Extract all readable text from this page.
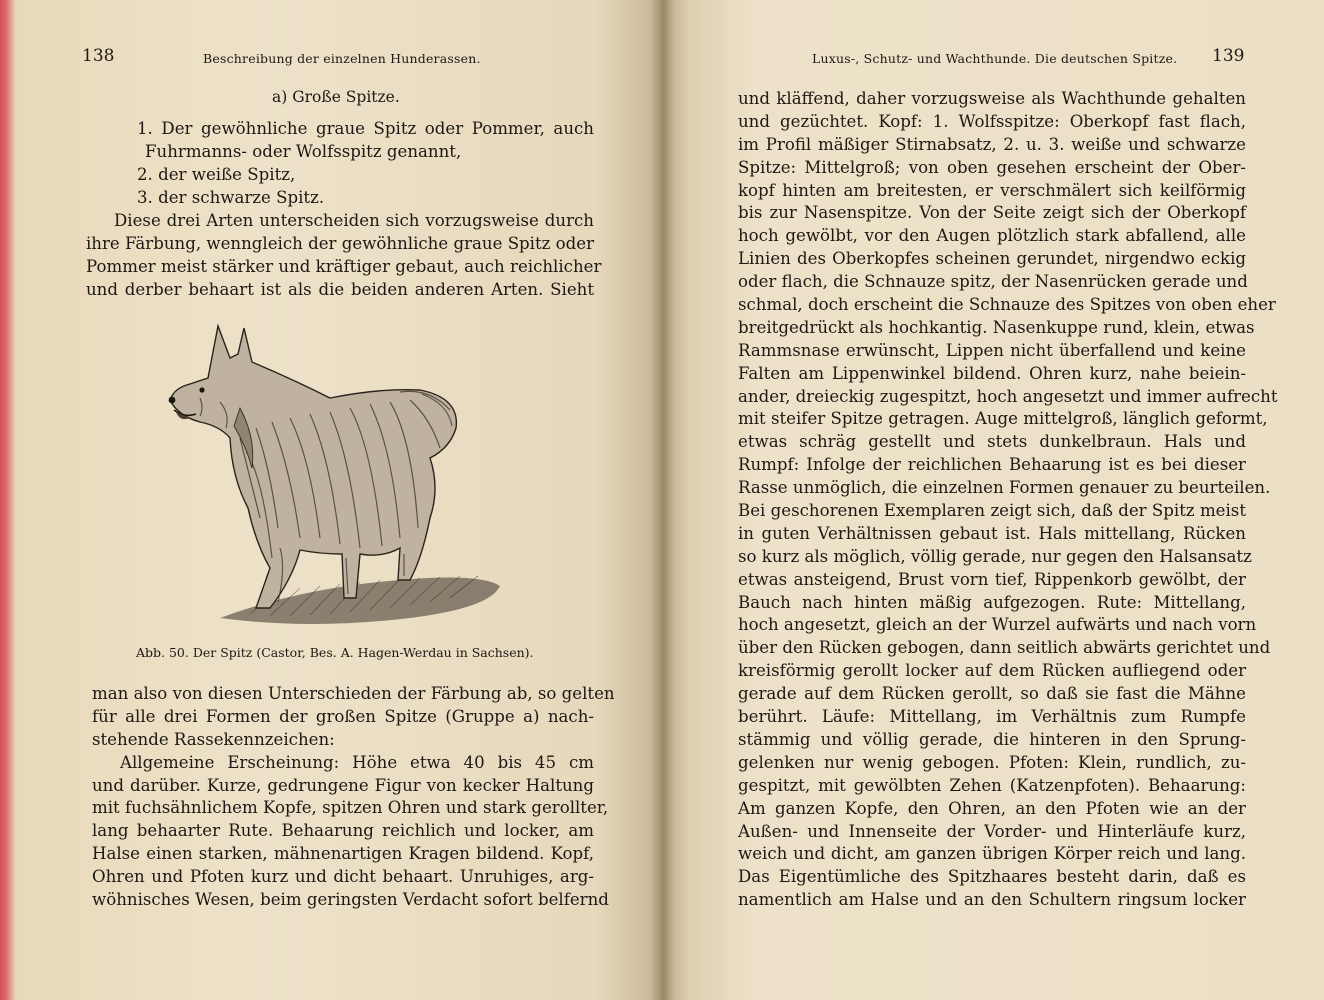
138	Beschreibung der einzelnen Hunderassen.
a) Große Spitze.
1. Der gewöhnliche graue Spitz oder Pommer, auch
Fuhrmanns- oder Wolfsspitz genannt,
2. der weiße Spitz,
3. der schwarze Spitz.
Diese drei Arten unterscheiden sich vorzugsweise durch
ihre Färbung, wenngleich der gewöhnliche graue Spitz oder
Pommer meist stärker und kräftiger gebaut, auch reichlicher
und derber behaart ist als die beiden anderen Arten. Sieht
Abb. 50. Der Spitz (Castor, Bes. A. Hagen-Werdau in Sachsen).
man also von diesen Unterschieden der Färbung ab, so gelten
für alle drei Formen der großen Spitze (Gruppe a) nach-
stehende Rassekennzeichen:
Allgemeine Erscheinung: Höhe etwa 40 bis 45 cm
und darüber. Kurze, gedrungene Figur von kecker Haltung
mit fuchsähnlichem Kopfe, spitzen Ohren und stark gerollter,
lang behaarter Rute. Behaarung reichlich und locker, am
Halse einen starken, mähnenartigen Kragen bildend. Kopf,
Ohren und Pfoten kurz und dicht behaart. Unruhiges, arg-
wöhnisches Wesen, beim geringsten Verdacht sofort belfernd
Luxus-, Schutz- und Wachthunde. Die deutschen Spitze. 139
und kläffend, daher vorzugsweise als Wachthunde gehalten
und gezüchtet. Kopf: 1. Wolfsspitze: Oberkopf fast flach,
im Profil mäßiger Stirnabsatz, 2. u. 3. weiße und schwarze
Spitze: Mittelgroß; von oben gesehen erscheint der Ober-
kopf hinten am breitesten, er verschmälert sich keilförmig
bis zur Nasenspitze. Von der Seite zeigt sich der Oberkopf
hoch gewölbt, vor den Augen plötzlich stark abfallend, alle
Linien des Oberkopfes scheinen gerundet, nirgendwo eckig
oder flach, die Schnauze spitz, der Nasenrücken gerade und
schmal, doch erscheint die Schnauze des Spitzes von oben eher
breitgedrückt als hochkantig. Nasenkuppe rund, klein, etwas
Rammsnase erwünscht, Lippen nicht überfallend und keine
Falten am Lippenwinkel bildend. Ohren kurz, nahe beiein-
ander, dreieckig zugespitzt, hoch angesetzt und immer aufrecht
mit steifer Spitze getragen. Auge mittelgroß, länglich geformt,
etwas schräg gestellt und stets dunkelbraun. Hals und
Rumpf: Infolge der reichlichen Behaarung ist es bei dieser
Rasse unmöglich, die einzelnen Formen genauer zu beurteilen.
Bei geschorenen Exemplaren zeigt sich, daß der Spitz meist
in guten Verhältnissen gebaut ist. Hals mittellang, Rücken
so kurz als möglich, völlig gerade, nur gegen den Halsansatz
etwas ansteigend, Brust vorn tief, Rippenkorb gewölbt, der
Bauch nach hinten mäßig aufgezogen. Rute: Mittellang,
hoch angesetzt, gleich an der Wurzel aufwärts und nach vorn
über den Rücken gebogen, dann seitlich abwärts gerichtet und
kreisförmig gerollt locker auf dem Rücken aufliegend oder
gerade auf dem Rücken gerollt, so daß sie fast die Mähne
berührt. Läufe: Mittellang, im Verhältnis zum Rumpfe
stämmig und völlig gerade, die hinteren in den Sprung-
gelenken nur wenig gebogen. Pfoten: Klein, rundlich, zu-
gespitzt, mit gewölbten Zehen (Katzenpfoten). Behaarung:
Am ganzen Kopfe, den Ohren, an den Pfoten wie an der
Außen- und Innenseite der Vorder- und Hinterläufe kurz,
weich und dicht, am ganzen übrigen Körper reich und lang.
Das Eigentümliche des Spitzhaares besteht darin, daß es
namentlich am Halse und an den Schultern ringsum locker
